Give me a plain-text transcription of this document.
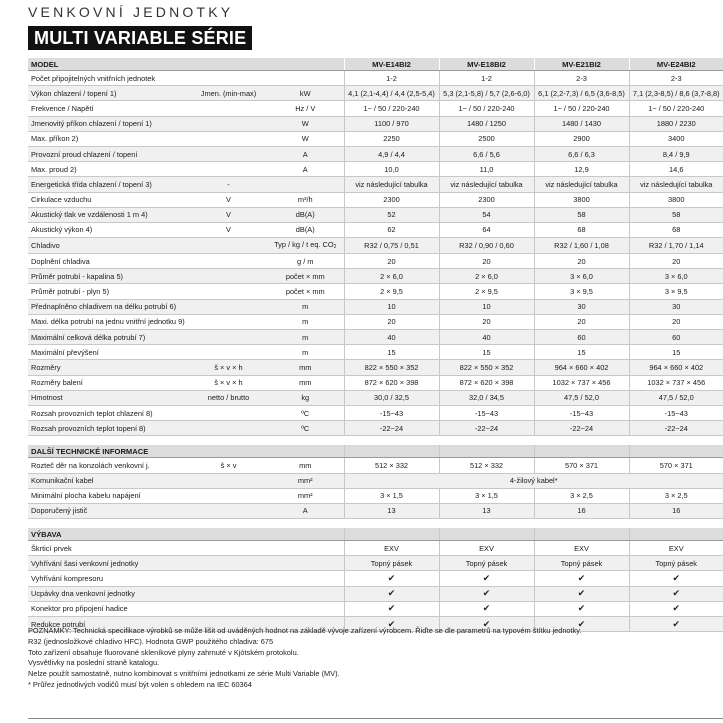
VENKOVNÍ JEDNOTKY
MULTI VARIABLE SÉRIE
MODEL			MV-E14BI2	MV-E18BI2	MV-E21BI2	MV-E24BI2
Počet připojitelných vnitřních jednotek			1-2	1-2	2-3	2-3
Výkon chlazení / topení 1)	Jmen. (min-max)	kW	4,1 (2,1-4,4) / 4,4 (2,5-5,4)	5,3 (2,1-5,8) / 5,7 (2,6-6,0)	6,1 (2,2-7,3) / 6,5 (3,6-8,5)	7,1 (2,3-8,5) / 8,6 (3,7-8,8)
Frekvence / Napětí		Hz / V	1~ / 50 / 220-240	1~ / 50 / 220-240	1~ / 50 / 220-240	1~ / 50 / 220-240
Jmenovitý příkon chlazení / topení 1)		W	1100 / 970	1480 / 1250	1480 / 1430	1880 / 2230
Max. příkon 2)		W	2250	2500	2900	3400
Provozní proud chlazení / topení		A	4,9 / 4,4	6,6 / 5,6	6,6 / 6,3	8,4 / 9,9
Max. proud 2)		A	10,0	11,0	12,9	14,6
Energetická třída chlazení / topení 3)	-		viz následující tabulka	viz následující tabulka	viz následující tabulka	viz následující tabulka
Cirkulace vzduchu	V	m³/h	2300	2300	3800	3800
Akustický tlak ve vzdálenosti 1 m 4)	V	dB(A)	52	54	58	58
Akustický výkon 4)	V	dB(A)	62	64	68	68
Chladivo		Typ / kg / t eq. $CO_2$	R32 / 0,75 / 0,51	R32 / 0,90 / 0,60	R32 / 1,60 / 1,08	R32 / 1,70 / 1,14
Doplnění chladiva		g / m	20	20	20	20
Průměr potrubí - kapalina 5)		počet × mm	2 × 6,0	2 × 6,0	3 × 6,0	3 × 6,0
Průměr potrubí - plyn 5)		počet × mm	2 × 9,5	2 × 9,5	3 × 9,5	3 × 9,5
Přednaplněno chladivem na délku potrubí 6)		m	10	10	30	30
Maxi. délka potrubí na jednu vnitřní jednotku 9)		m	20	20	20	20
Maximální celková délka potrubí 7)		m	40	40	60	60
Maximální převýšení		m	15	15	15	15
Rozměry	š × v × h	mm	822 × 550 × 352	822 × 550 × 352	964 × 660 × 402	964 × 660 × 402
Rozměry balení	š × v × h	mm	872 × 620 × 398	872 × 620 × 398	1032 × 737 × 456	1032 × 737 × 456
Hmotnost	netto / brutto	kg	30,0 / 32,5	32,0 / 34,5	47,5 / 52,0	47,5 / 52,0
Rozsah provozních teplot chlazení 8)		ºC	-15~43	-15~43	-15~43	-15~43
Rozsah provozních teplot topení 8)		ºC	-22~24	-22~24	-22~24	-22~24

DALŠÍ TECHNICKÉ INFORMACE						
Rozteč děr na konzolách venkovní j.	š × v	mm	512 × 332	512 × 332	570 × 371	570 × 371
Komunikační kabel		mm²	4-žilový kabel*			
Minimální plocha kabelu napájení		mm²	3 × 1,5	3 × 1,5	3 × 2,5	3 × 2,5
Doporučený jistič		A	13	13	16	16

VÝBAVA						
Škrticí prvek			EXV	EXV	EXV	EXV
Vyhřívání šasi venkovní jednotky			Topný pásek	Topný pásek	Topný pásek	Topný pásek
Vyhřívání kompresoru			✔	✔	✔	✔
Ucpávky dna venkovní jednotky			✔	✔	✔	✔
Konektor pro připojení hadice			✔	✔	✔	✔
Redukce potrubí			✔	✔	✔	✔
POZNÁMKY: Technická specifikace výrobků se může lišit od uváděných hodnot na základě vývoje zařízení výrobcem. Řiďte se dle parametrů na typovém štítku jednotky.
R32 (jednosložkové chladivo HFC). Hodnota GWP použitého chladiva: 675
Toto zařízení obsahuje fluorované skleníkové plyny zahrnuté v Kjótském protokolu.
Vysvětlivky na poslední straně katalogu.
Nelze použít samostatně, nutno kombinovat s vnitřními jednotkami ze série Multi Variable (MV).
* Průřez jednotlivých vodičů musí být volen s ohledem na IEC 60364
